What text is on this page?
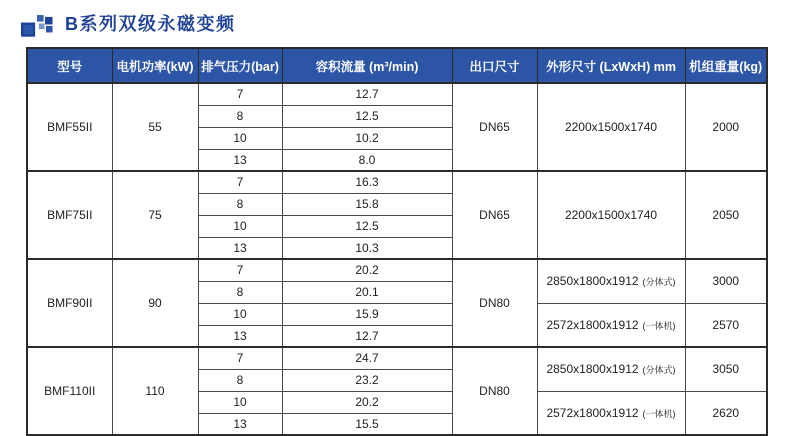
B系列双级永磁变频
型号	电机功率(kW)	排气压力(bar)	容积流量 (m³/min)	出口尺寸	外形尺寸 (LxWxH) mm	机组重量(kg)
BMF55II	55	7	12.7	DN65	2200x1500x1740	2000
		8	12.5			
		10	10.2			
		13	8.0			
BMF75II	75	7	16.3	DN65	2200x1500x1740	2050
		8	15.8			
		10	12.5			
		13	10.3			
BMF90II	90	7	20.2	DN80	2850x1800x1912 (分体式)	3000
		8	20.1			
		10	15.9		2572x1800x1912 (一体机)	2570
		13	12.7			
BMF110II	110	7	24.7	DN80	2850x1800x1912 (分体式)	3050
		8	23.2			
		10	20.2		2572x1800x1912 (一体机)	2620
		13	15.5			
